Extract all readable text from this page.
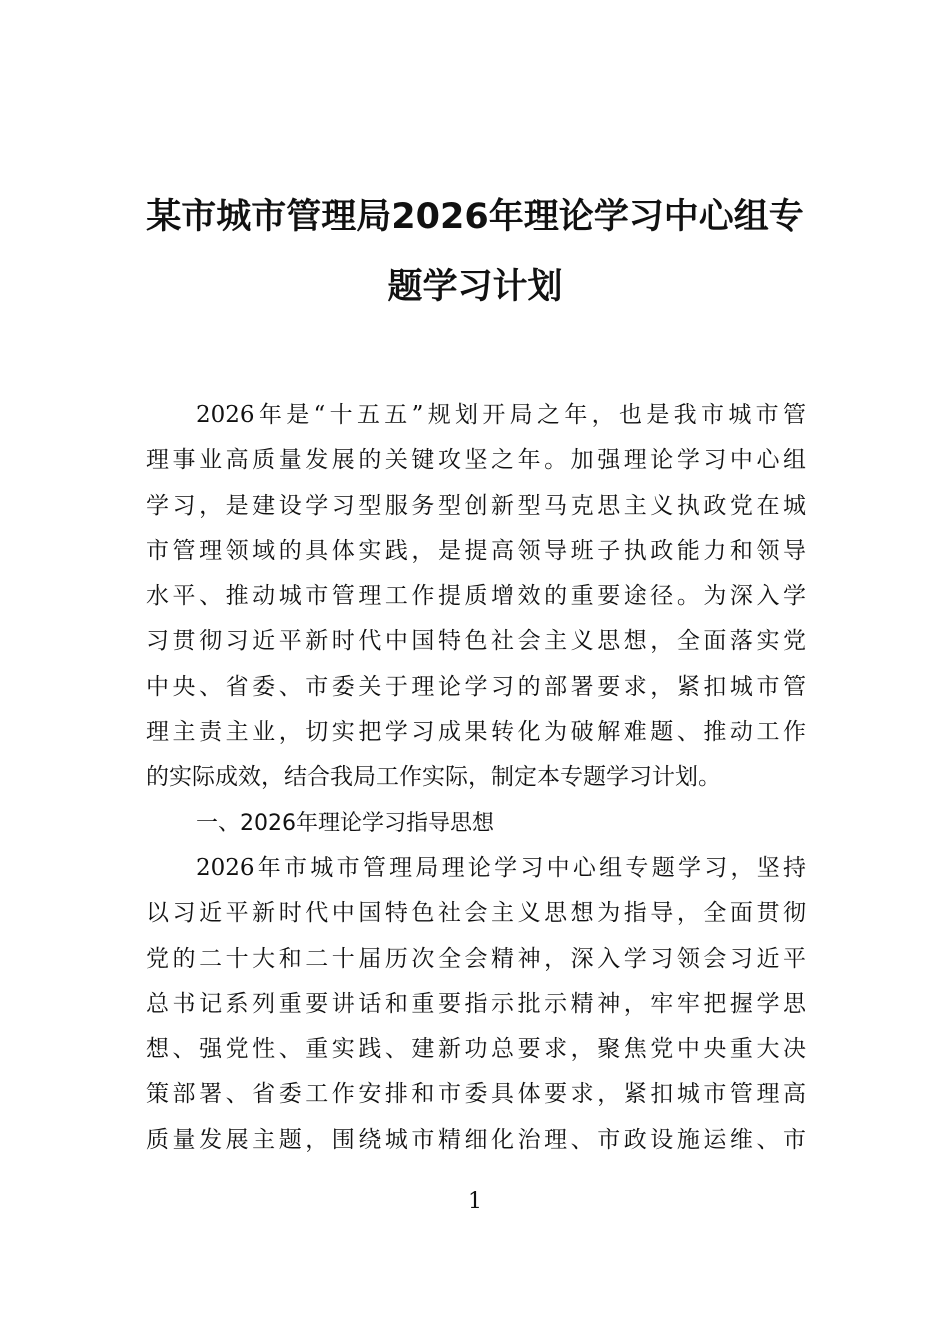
某市城市管理局2026年理论学习中心组专
题学习计划
2026年是“十五五”规划开局之年，也是我市城市管
理事业高质量发展的关键攻坚之年。加强理论学习中心组
学习，是建设学习型服务型创新型马克思主义执政党在城
市管理领域的具体实践，是提高领导班子执政能力和领导
水平、推动城市管理工作提质增效的重要途径。为深入学
习贯彻习近平新时代中国特色社会主义思想，全面落实党
中央、省委、市委关于理论学习的部署要求，紧扣城市管
理主责主业，切实把学习成果转化为破解难题、推动工作
的实际成效，结合我局工作实际，制定本专题学习计划。
一、2026年理论学习指导思想
2026年市城市管理局理论学习中心组专题学习，坚持
以习近平新时代中国特色社会主义思想为指导，全面贯彻
党的二十大和二十届历次全会精神，深入学习领会习近平
总书记系列重要讲话和重要指示批示精神，牢牢把握学思
想、强党性、重实践、建新功总要求，聚焦党中央重大决
策部署、省委工作安排和市委具体要求，紧扣城市管理高
质量发展主题，围绕城市精细化治理、市政设施运维、市
1
